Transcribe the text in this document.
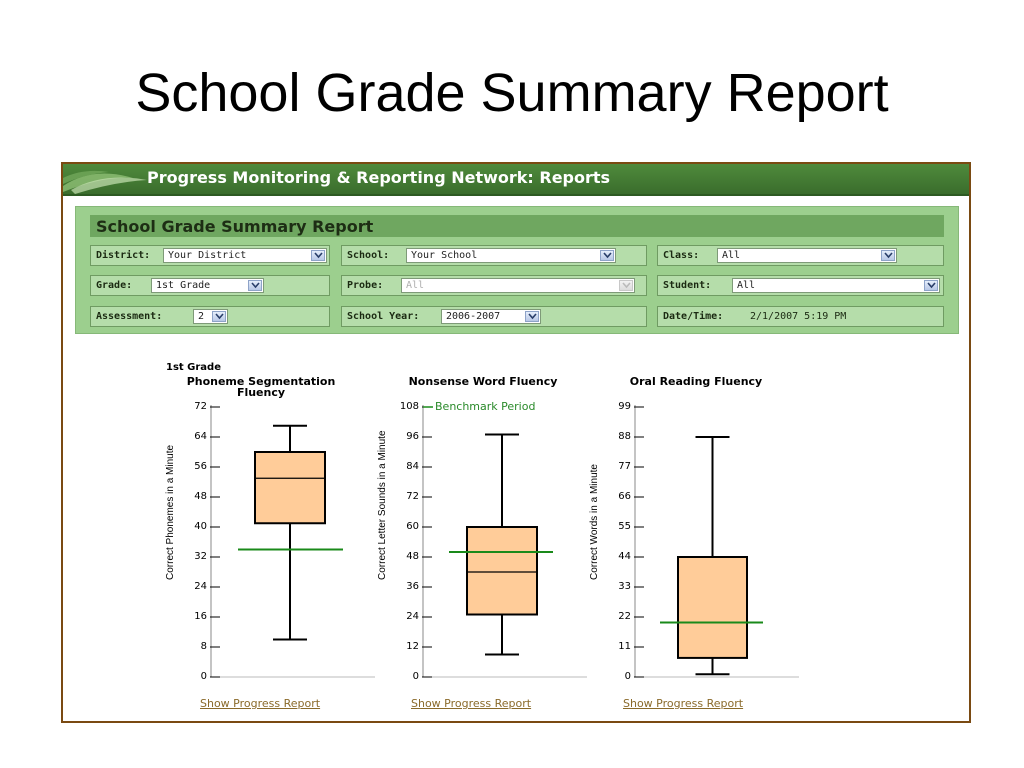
School Grade Summary Report
Progress Monitoring & Reporting Network: Reports
School Grade Summary Report
District: Your District	School: Your School	Class: All
Grade: 1st Grade	Probe: All	Student:	All
Assessment:	2	School Year:	2006-2007	Date/Time:	2/1/2007 5:19 PM
1st Grade
Phoneme Segmentation Fluency
0
8
16
24
32
40
48
56
64
72
Correct Phonemes in a Minute
Show Progress Report
Nonsense Word Fluency
0
12
24
36
48
60
72
84
96
108
Correct Letter Sounds in a Minute
Benchmark Period
Show Progress Report
Oral Reading Fluency
0
11
22
33
44
55
66
77
88
99
Correct Words in a Minute
Show Progress Report
